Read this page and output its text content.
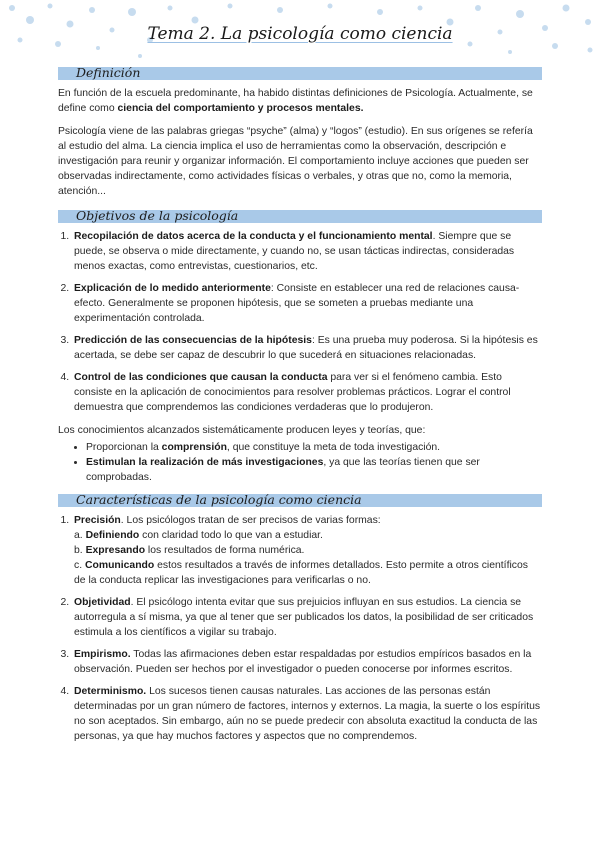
Tema 2. La psicología como ciencia
Definición

En función de la escuela predominante, ha habido distintas definiciones de Psicología. Actualmente, se define como ciencia del comportamiento y procesos mentales.

Psicología viene de las palabras griegas “psyche” (alma) y “logos” (estudio). En sus orígenes se refería al estudio del alma. La ciencia implica el uso de herramientas como la observación, descripción e investigación para reunir y organizar información. El comportamiento incluye acciones que pueden ser observadas indirectamente, como actividades físicas o verbales, y otras que no, como la memoria, atención...

Objetivos de la psicología
1. Recopilación de datos acerca de la conducta y el funcionamiento mental. Siempre que se puede, se observa o mide directamente, y cuando no, se usan tácticas indirectas, consideradas menos exactas, como entrevistas, cuestionarios, etc.
2. Explicación de lo medido anteriormente: Consiste en establecer una red de relaciones causa-efecto. Generalmente se proponen hipótesis, que se someten a pruebas mediante una experimentación controlada.
3. Predicción de las consecuencias de la hipótesis: Es una prueba muy poderosa. Si la hipótesis es acertada, se debe ser capaz de descubrir lo que sucederá en situaciones relacionadas.
4. Control de las condiciones que causan la conducta para ver si el fenómeno cambia. Esto consiste en la aplicación de conocimientos para resolver problemas prácticos. Lograr el control demuestra que comprendemos las condiciones verdaderas que lo produjeron.

Los conocimientos alcanzados sistemáticamente producen leyes y teorías, que:

• Proporcionan la comprensión, que constituye la meta de toda investigación.
• Estimulan la realización de más investigaciones, ya que las teorías tienen que ser comprobadas.
Características de la psicología como ciencia
1. Precisión. Los psicólogos tratan de ser precisos de varias formas:
a. Definiendo con claridad todo lo que van a estudiar.
b. Expresando los resultados de forma numérica.
c. Comunicando estos resultados a través de informes detallados. Esto permite a otros científicos de la conducta replicar las investigaciones para verificarlas o no.
2. Objetividad. El psicólogo intenta evitar que sus prejuicios influyan en sus estudios. La ciencia se autorregula a sí misma, ya que al tener que ser publicados los datos, la posibilidad de ser criticados estimula a los científicos a vigilar su trabajo.
3. Empirismo. Todas las afirmaciones deben estar respaldadas por estudios empíricos basados en la observación. Pueden ser hechos por el investigador o pueden conocerse por informes escritos.
4. Determinismo. Los sucesos tienen causas naturales. Las acciones de las personas están determinadas por un gran número de factores, internos y externos. La magia, la suerte o los espíritus no son aceptados. Sin embargo, aún no se puede predecir con absoluta exactitud la conducta de las personas, ya que hay muchos factores y aspectos que no comprendemos.
